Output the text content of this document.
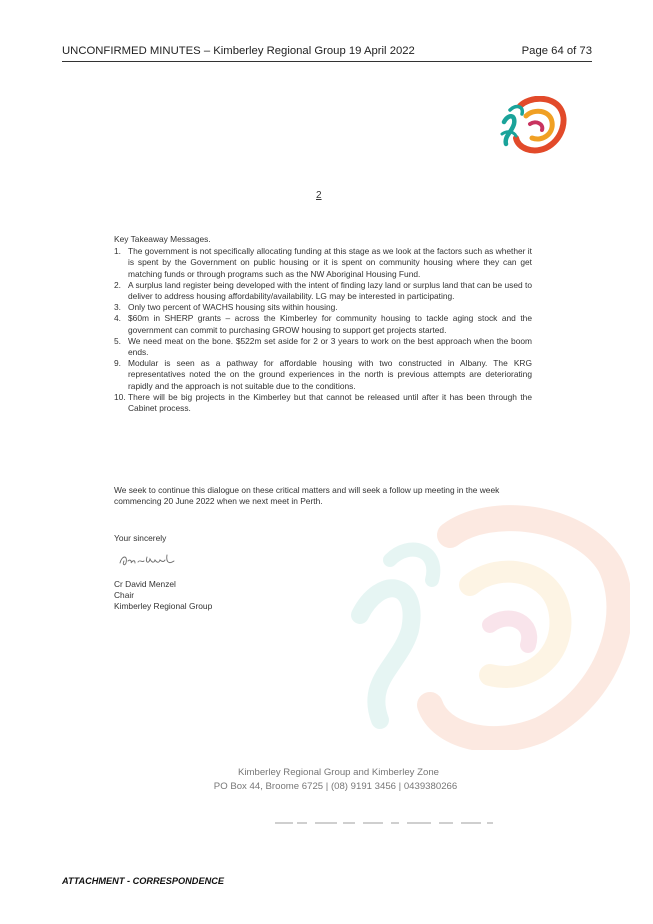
UNCONFIRMED MINUTES – Kimberley Regional Group 19 April 2022	Page 64 of 73
2
Key Takeaway Messages.
1. The government is not specifically allocating funding at this stage as we look at the factors such as whether it is spent by the Government on public housing or it is spent on community housing where they can get matching funds or through programs such as the NW Aboriginal Housing Fund.
2. A surplus land register being developed with the intent of finding lazy land or surplus land that can be used to deliver to address housing affordability/availability. LG may be interested in participating.
3. Only two percent of WACHS housing sits within housing.
4. $60m in SHERP grants – across the Kimberley for community housing to tackle aging stock and the government can commit to purchasing GROW housing to support get projects started.
5. We need meat on the bone. $522m set aside for 2 or 3 years to work on the best approach when the boom ends.
9. Modular is seen as a pathway for affordable housing with two constructed in Albany. The KRG representatives noted the on the ground experiences in the north is previous attempts are deteriorating rapidly and the approach is not suitable due to the conditions.
10. There will be big projects in the Kimberley but that cannot be released until after it has been through the Cabinet process.
We seek to continue this dialogue on these critical matters and will seek a follow up meeting in the week commencing 20 June 2022 when we next meet in Perth.
Your sincerely
Cr David Menzel
Chair
Kimberley Regional Group
Kimberley Regional Group and Kimberley Zone
PO Box 44, Broome 6725 | (08) 9191 3456 | 0439380266
ATTACHMENT - CORRESPONDENCE
